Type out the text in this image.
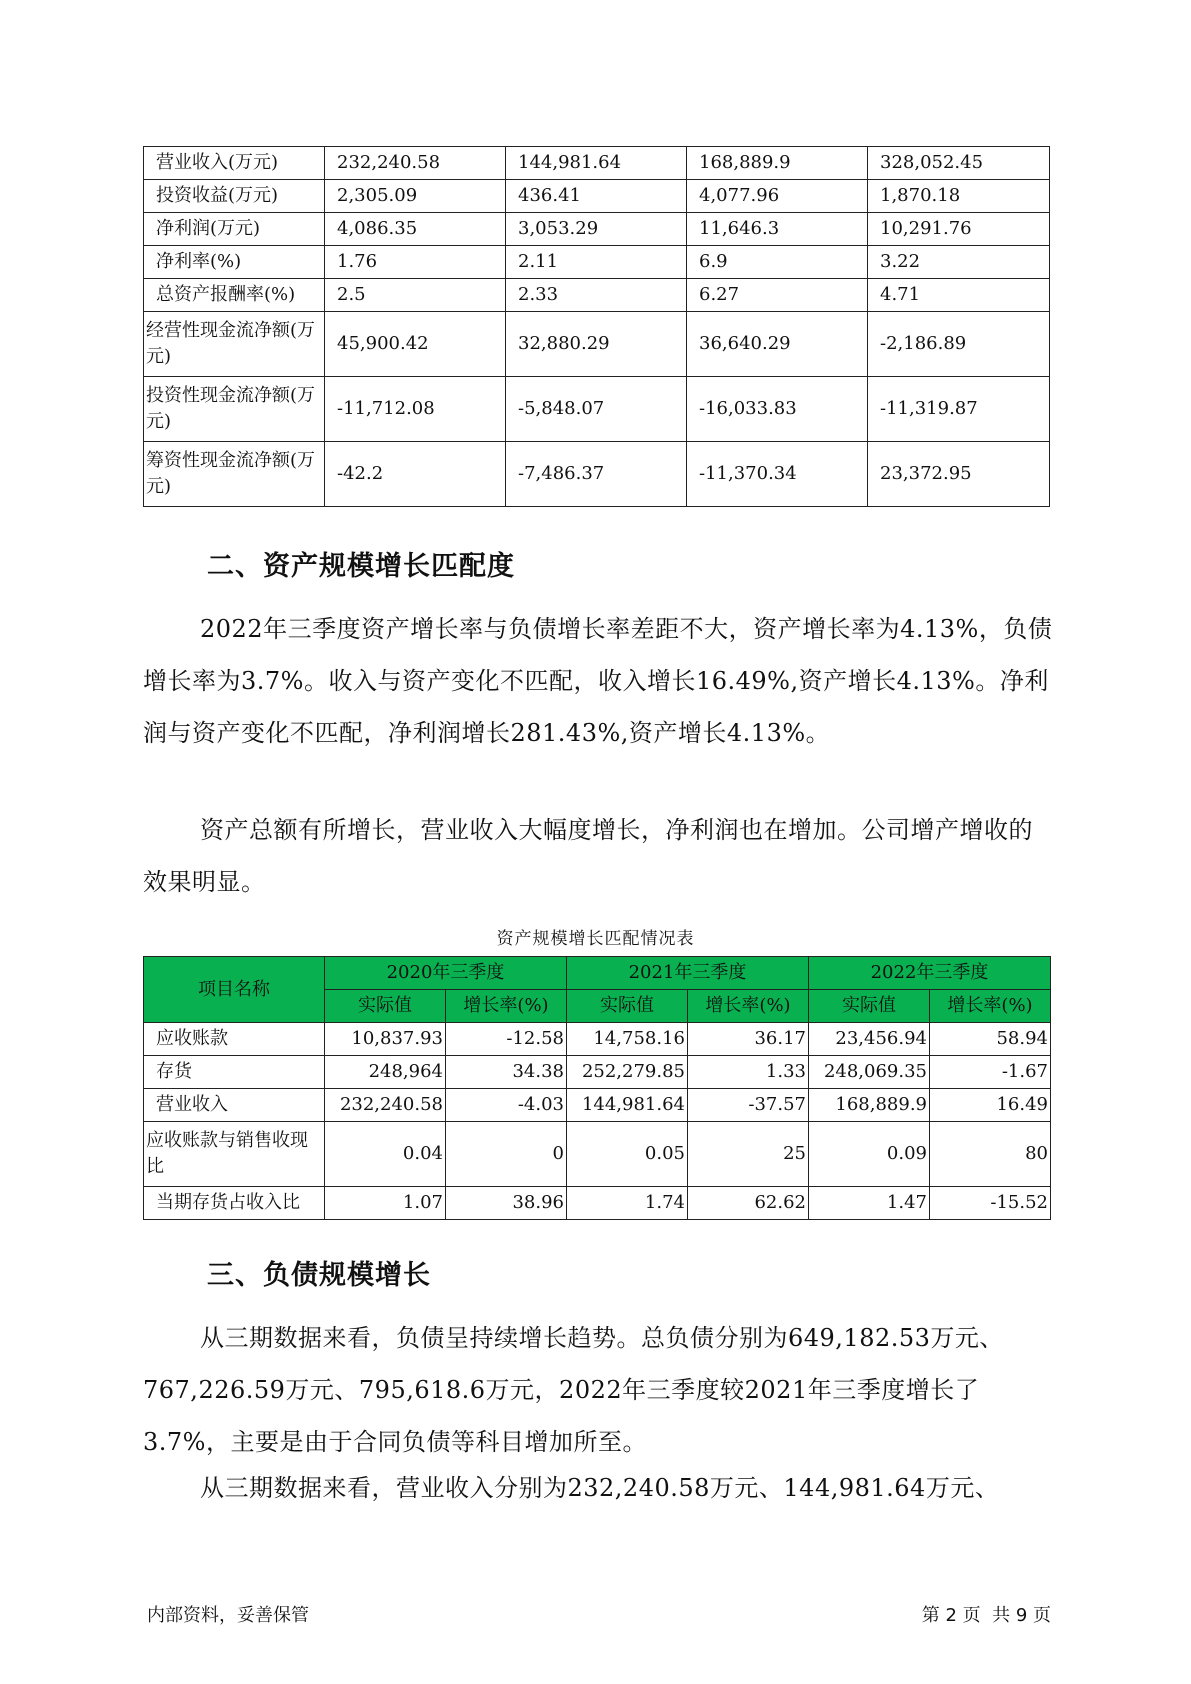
营业收入(万元)	232,240.58	144,981.64	168,889.9	328,052.45
投资收益(万元)	2,305.09	436.41	4,077.96	1,870.18
净利润(万元)	4,086.35	3,053.29	11,646.3	10,291.76
净利率(%)	1.76	2.11	6.9	3.22
总资产报酬率(%)	2.5	2.33	6.27	4.71
经营性现金流净额(万元)	45,900.42	32,880.29	36,640.29	-2,186.89
投资性现金流净额(万元)	-11,712.08	-5,848.07	-16,033.83	-11,319.87
筹资性现金流净额(万元)	-42.2	-7,486.37	-11,370.34	23,372.95
二、资产规模增长匹配度

2022年三季度资产增长率与负债增长率差距不大，资产增长率为4.13%，负债增长率为3.7%。收入与资产变化不匹配，收入增长16.49%,资产增长4.13%。净利润与资产变化不匹配，净利润增长281.43%,资产增长4.13%。

资产总额有所增长，营业收入大幅度增长，净利润也在增加。公司增产增收的效果明显。

资产规模增长匹配情况表
项目名称	2020年三季度		2021年三季度		2022年三季度	
	实际值	增长率(%)	实际值	增长率(%)	实际值	增长率(%)
应收账款	10,837.93	-12.58	14,758.16	36.17	23,456.94	58.94
存货	248,964	34.38	252,279.85	1.33	248,069.35	-1.67
营业收入	232,240.58	-4.03	144,981.64	-37.57	168,889.9	16.49
应收账款与销售收现比	0.04	0	0.05	25	0.09	80
当期存货占收入比	1.07	38.96	1.74	62.62	1.47	-15.52
三、负债规模增长

从三期数据来看，负债呈持续增长趋势。总负债分别为649,182.53万元、767,226.59万元、795,618.6万元，2022年三季度较2021年三季度增长了3.7%，主要是由于合同负债等科目增加所至。

从三期数据来看，营业收入分别为232,240.58万元、144,981.64万元、

内部资料，妥善保管	第 2 页  共 9 页
